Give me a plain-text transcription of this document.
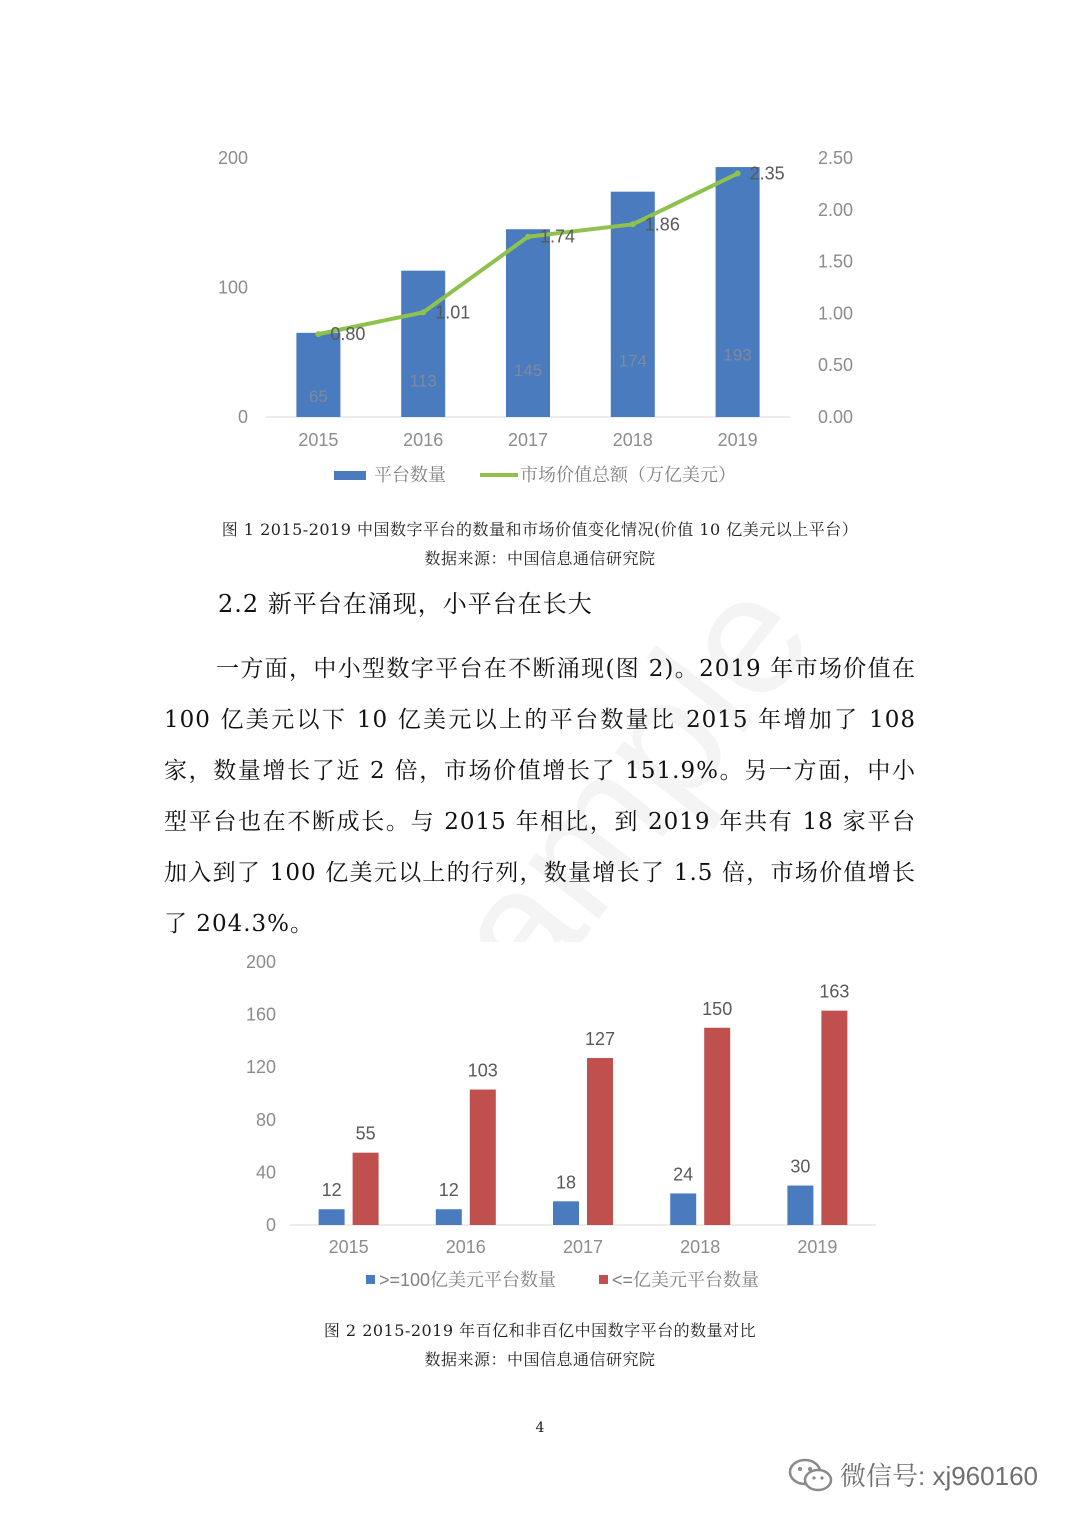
0
100
200
0.00
0.50
1.00
1.50
2.00
2.50
65
2015
113
2016
145
2017
174
2018
193
2019
0.80
1.01
1.74
1.86
2.35
平台数量	市场价值总额（万亿美元）
图 1 2015-2019 中国数字平台的数量和市场价值变化情况(价值 10 亿美元以上平台）
数据来源：中国信息通信研究院
2.2 新平台在涌现，小平台在长大

一方面，中小型数字平台在不断涌现(图 2)。2019 年市场价值在 100 亿美元以下 10 亿美元以上的平台数量比 2015 年增加了 108 家，数量增长了近 2 倍，市场价值增长了 151.9%。另一方面，中小型平台也在不断成长。与 2015 年相比，到 2019 年共有 18 家平台加入到了 100 亿美元以上的行列，数量增长了 1.5 倍，市场价值增长了 204.3%。

0
40
80
120
160
200
12
55
2015
12
103
2016
18
127
2017
24
150
2018
30
163
2019
>=100亿美元平台数量	<=亿美元平台数量
图 2 2015-2019 年百亿和非百亿中国数字平台的数量对比
数据来源：中国信息通信研究院
4
微信号: xj960160
